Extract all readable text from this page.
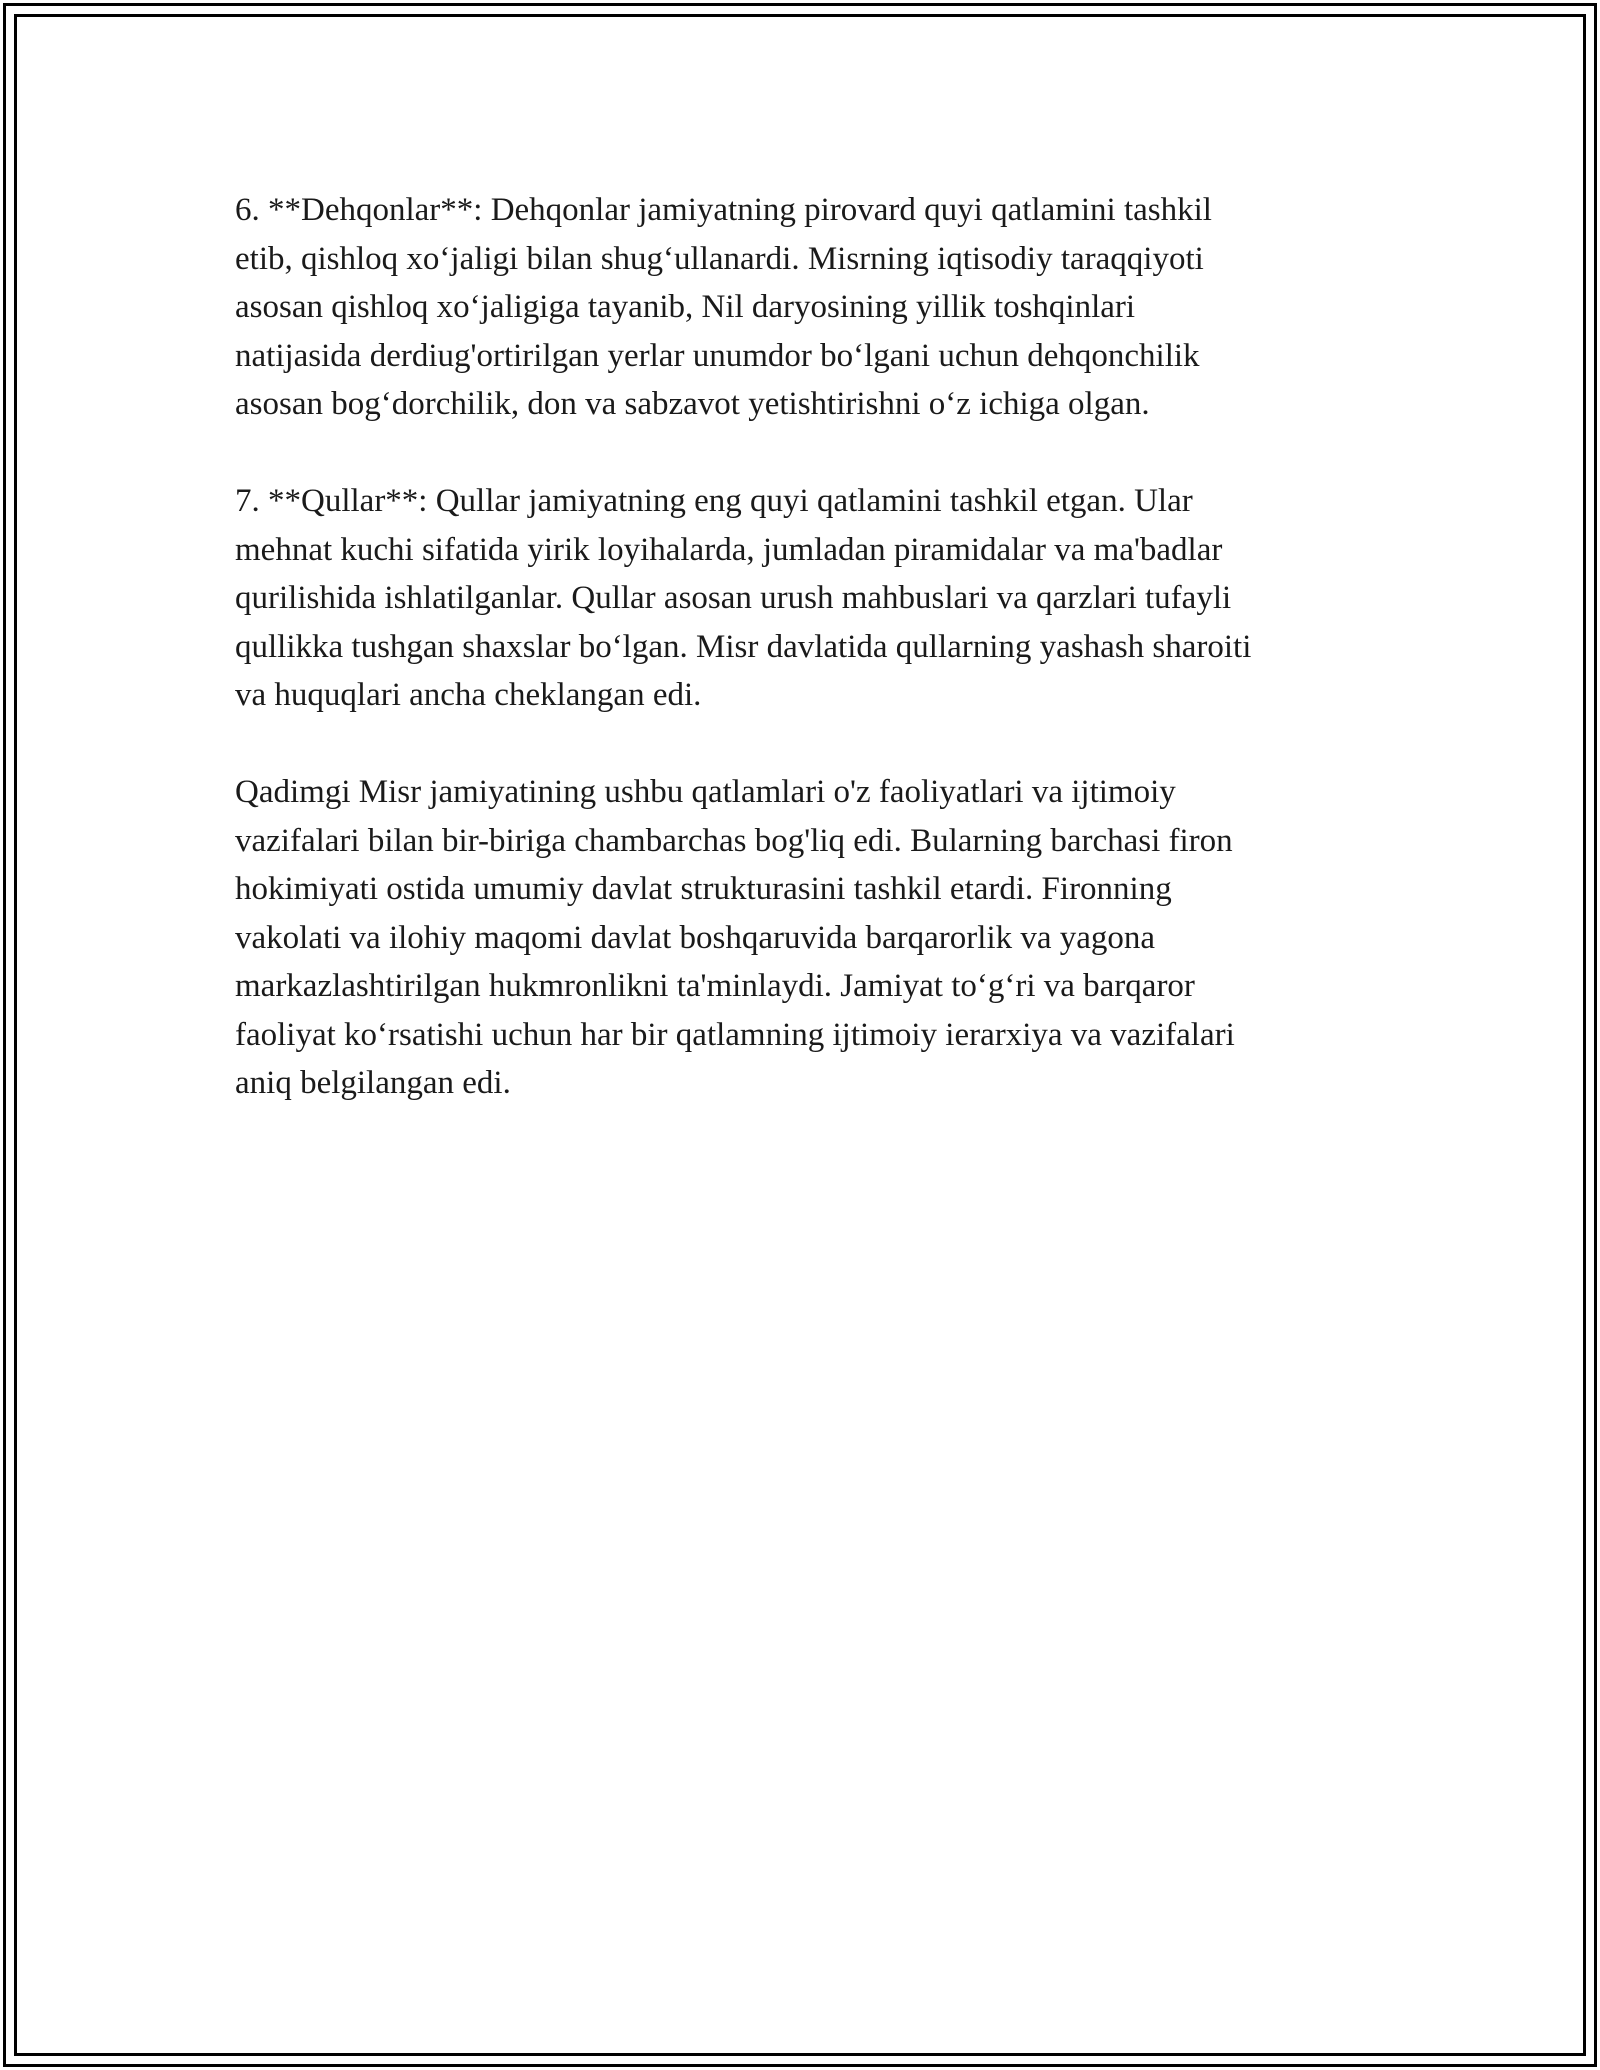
6. **Dehqonlar**: Dehqonlar jamiyatning pirovard quyi qatlamini tashkil
etib, qishloq xo‘jaligi bilan shug‘ullanardi. Misrning iqtisodiy taraqqiyoti
asosan qishloq xo‘jaligiga tayanib, Nil daryosining yillik toshqinlari
natijasida derdiug'ortirilgan yerlar unumdor bo‘lgani uchun dehqonchilik
asosan bog‘dorchilik, don va sabzavot yetishtirishni o‘z ichiga olgan.

7. **Qullar**: Qullar jamiyatning eng quyi qatlamini tashkil etgan. Ular
mehnat kuchi sifatida yirik loyihalarda, jumladan piramidalar va ma'badlar
qurilishida ishlatilganlar. Qullar asosan urush mahbuslari va qarzlari tufayli
qullikka tushgan shaxslar bo‘lgan. Misr davlatida qullarning yashash sharoiti
va huquqlari ancha cheklangan edi.

Qadimgi Misr jamiyatining ushbu qatlamlari o'z faoliyatlari va ijtimoiy
vazifalari bilan bir-biriga chambarchas bog'liq edi. Bularning barchasi firon
hokimiyati ostida umumiy davlat strukturasini tashkil etardi. Fironning
vakolati va ilohiy maqomi davlat boshqaruvida barqarorlik va yagona
markazlashtirilgan hukmronlikni ta'minlaydi. Jamiyat to‘g‘ri va barqaror
faoliyat ko‘rsatishi uchun har bir qatlamning ijtimoiy ierarxiya va vazifalari
aniq belgilangan edi.
